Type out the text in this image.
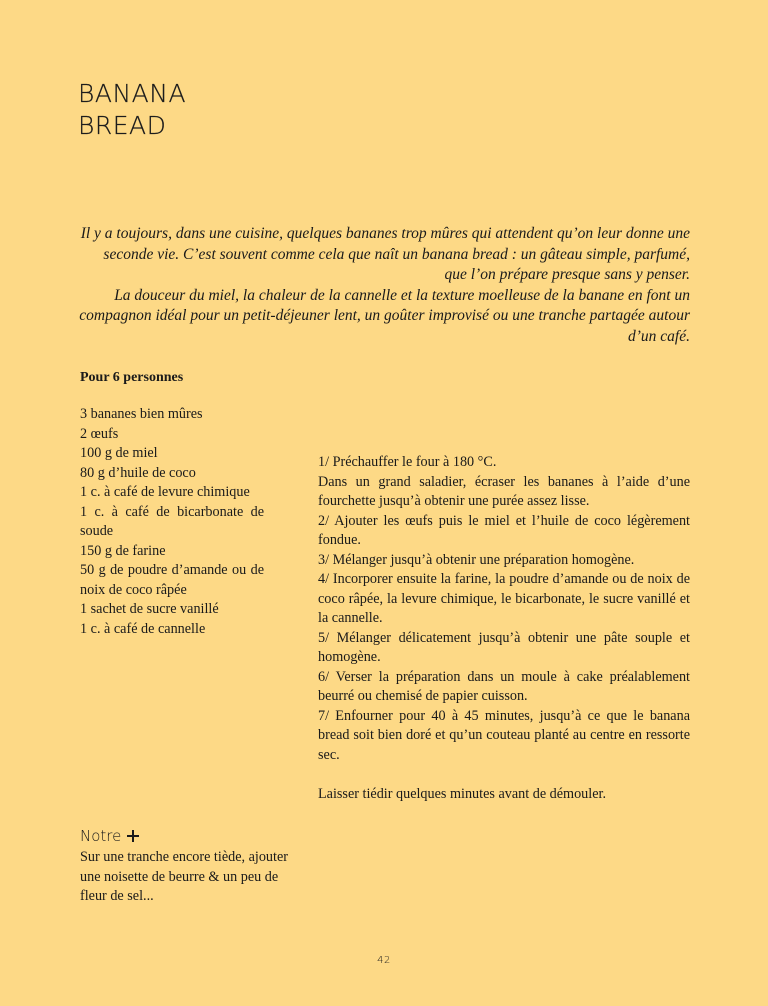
BANANA
BREAD

Il y a toujours, dans une cuisine, quelques bananes trop mûres qui attendent qu’on leur donne une seconde vie. C’est souvent comme cela que naît un banana bread : un gâteau simple, parfumé, que l’on prépare presque sans y penser.

La douceur du miel, la chaleur de la cannelle et la texture moelleuse de la banane en font un compagnon idéal pour un petit-déjeuner lent, un goûter improvisé ou une tranche partagée autour d’un café.

Pour 6 personnes

3 bananes bien mûres
2 œufs
100 g de miel
80 g d’huile de coco
1 c. à café de levure chimique
1 c. à café de bicarbonate de soude
150 g de farine
50 g de poudre d’amande ou de noix de coco râpée
1 sachet de sucre vanillé
1 c. à café de cannelle

1/ Préchauffer le four à 180 °C.

Dans un grand saladier, écraser les bananes à l’aide d’une fourchette jusqu’à obtenir une purée assez lisse.

2/ Ajouter les œufs puis le miel et l’huile de coco légèrement fondue.

3/ Mélanger jusqu’à obtenir une préparation homogène.

4/ Incorporer ensuite la farine, la poudre d’amande ou de noix de coco râpée, la levure chimique, le bicarbonate, le sucre vanillé et la cannelle.

5/ Mélanger délicatement jusqu’à obtenir une pâte souple et homogène.

6/ Verser la préparation dans un moule à cake préalablement beurré ou chemisé de papier cuisson.

7/ Enfourner pour 40 à 45 minutes, jusqu’à ce que le banana bread soit bien doré et qu’un couteau planté au centre en ressorte sec.

Laisser tiédir quelques minutes avant de démouler.

Notre

Sur une tranche encore tiède, ajouter une noisette de beurre & un peu de fleur de sel...

42
